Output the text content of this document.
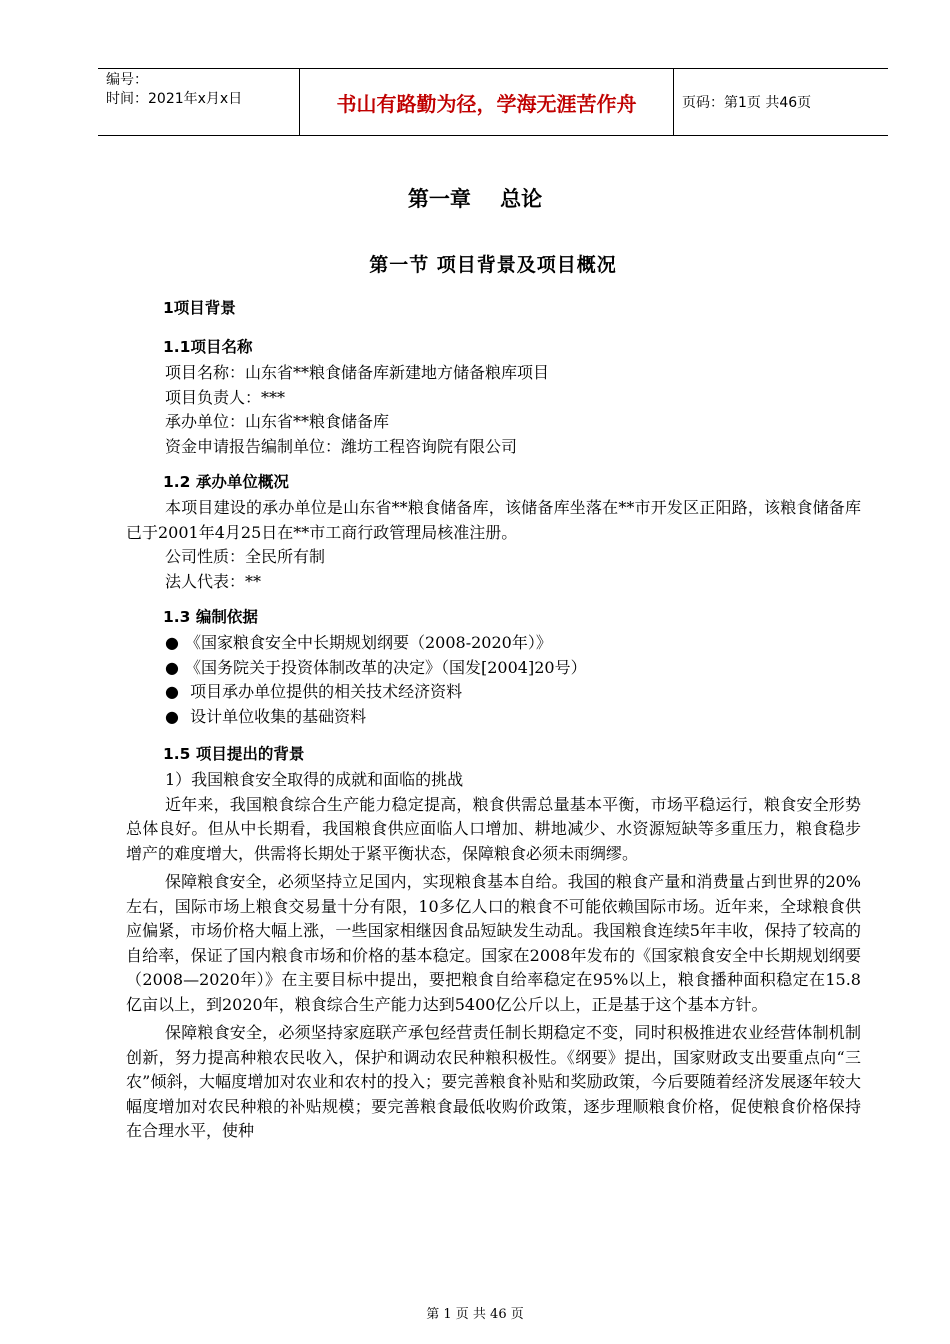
编号：
时间：2021年x月x日	书山有路勤为径，学海无涯苦作舟	页码：第1页 共46页
第一章    总论
第一节 项目背景及项目概况

1项目背景

1.1项目名称

项目名称：山东省**粮食储备库新建地方储备粮库项目

项目负责人：***

承办单位：山东省**粮食储备库

资金申请报告编制单位：潍坊工程咨询院有限公司

1.2 承办单位概况

本项目建设的承办单位是山东省**粮食储备库，该储备库坐落在**市开发区正阳路，该粮食储备库已于2001年4月25日在**市工商行政管理局核准注册。

公司性质：全民所有制

法人代表：**

1.3 编制依据

● 《国家粮食安全中长期规划纲要（2008-2020年）》

● 《国务院关于投资体制改革的决定》（国发[2004]20号）

● 项目承办单位提供的相关技术经济资料

● 设计单位收集的基础资料

1.5 项目提出的背景

1）我国粮食安全取得的成就和面临的挑战

近年来，我国粮食综合生产能力稳定提高，粮食供需总量基本平衡，市场平稳运行，粮食安全形势总体良好。但从中长期看，我国粮食供应面临人口增加、耕地减少、水资源短缺等多重压力，粮食稳步增产的难度增大，供需将长期处于紧平衡状态，保障粮食必须未雨绸缪。

保障粮食安全，必须坚持立足国内，实现粮食基本自给。我国的粮食产量和消费量占到世界的20%左右，国际市场上粮食交易量十分有限，10多亿人口的粮食不可能依赖国际市场。近年来，全球粮食供应偏紧，市场价格大幅上涨，一些国家相继因食品短缺发生动乱。我国粮食连续5年丰收，保持了较高的自给率，保证了国内粮食市场和价格的基本稳定。国家在2008年发布的《国家粮食安全中长期规划纲要（2008—2020年）》在主要目标中提出，要把粮食自给率稳定在95%以上，粮食播种面积稳定在15.8亿亩以上，到2020年，粮食综合生产能力达到5400亿公斤以上，正是基于这个基本方针。

保障粮食安全，必须坚持家庭联产承包经营责任制长期稳定不变，同时积极推进农业经营体制机制创新，努力提高种粮农民收入，保护和调动农民种粮积极性。《纲要》提出，国家财政支出要重点向“三农”倾斜，大幅度增加对农业和农村的投入；要完善粮食补贴和奖励政策，今后要随着经济发展逐年较大幅度增加对农民种粮的补贴规模；要完善粮食最低收购价政策，逐步理顺粮食价格，促使粮食价格保持在合理水平，使种

第 1 页 共 46 页
